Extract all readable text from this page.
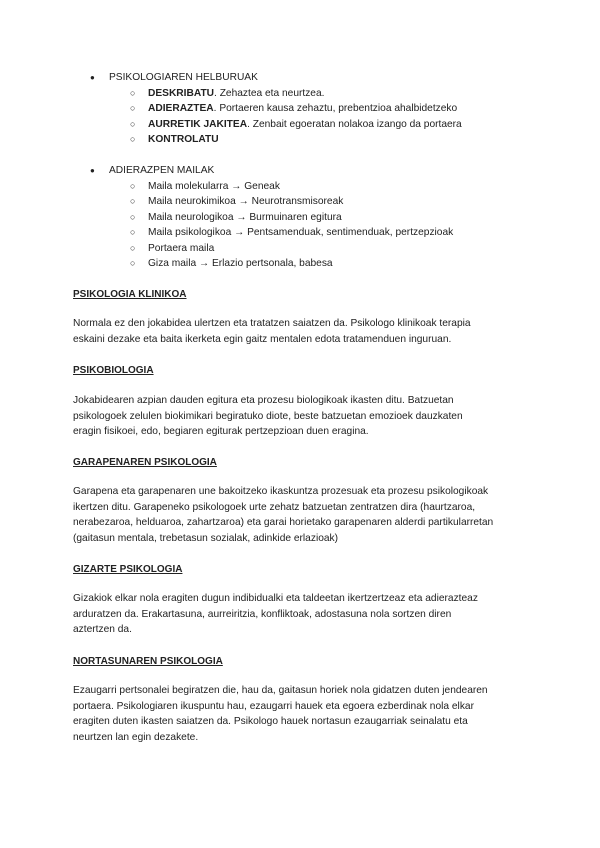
● PSIKOLOGIAREN HELBURUAK
○ DESKRIBATU. Zehaztea eta neurtzea.
○ ADIERAZTEA. Portaeren kausa zehaztu, prebentzioa ahalbidetzeko
○ AURRETIK JAKITEA. Zenbait egoeratan nolakoa izango da portaera
○ KONTROLATU
● ADIERAZPEN MAILAK
○ Maila molekularra → Geneak
○ Maila neurokimikoa → Neurotransmisoreak
○ Maila neurologikoa → Burmuinaren egitura
○ Maila psikologikoa → Pentsamenduak, sentimenduak, pertzepzioak
○ Portaera maila
○ Giza maila → Erlazio pertsonala, babesa
PSIKOLOGIA KLINIKOA
Normala ez den jokabidea ulertzen eta tratatzen saiatzen da. Psikologo klinikoak terapia
eskaini dezake eta baita ikerketa egin gaitz mentalen edota tratamenduen inguruan.
PSIKOBIOLOGIA
Jokabidearen azpian dauden egitura eta prozesu biologikoak ikasten ditu. Batzuetan
psikologoek zelulen biokimikari begiratuko diote, beste batzuetan emozioek dauzkaten
eragin fisikoei, edo, begiaren egiturak pertzepzioan duen eragina.
GARAPENAREN PSIKOLOGIA
Garapena eta garapenaren une bakoitzeko ikaskuntza prozesuak eta prozesu psikologikoak
ikertzen ditu. Garapeneko psikologoek urte zehatz batzuetan zentratzen dira (haurtzaroa,
nerabezaroa, helduaroa, zahartzaroa) eta garai horietako garapenaren alderdi partikularretan
(gaitasun mentala, trebetasun sozialak, adinkide erlazioak)
GIZARTE PSIKOLOGIA
Gizakiok elkar nola eragiten dugun indibidualki eta taldeetan ikertzertzeaz eta adierazteaz
arduratzen da. Erakartasuna, aurreiritzia, konfliktoak, adostasuna nola sortzen diren
aztertzen da.
NORTASUNAREN PSIKOLOGIA
Ezaugarri pertsonalei begiratzen die, hau da, gaitasun horiek nola gidatzen duten jendearen
portaera. Psikologiaren ikuspuntu hau, ezaugarri hauek eta egoera ezberdinak nola elkar
eragiten duten ikasten saiatzen da. Psikologo hauek nortasun ezaugarriak seinalatu eta
neurtzen lan egin dezakete.
